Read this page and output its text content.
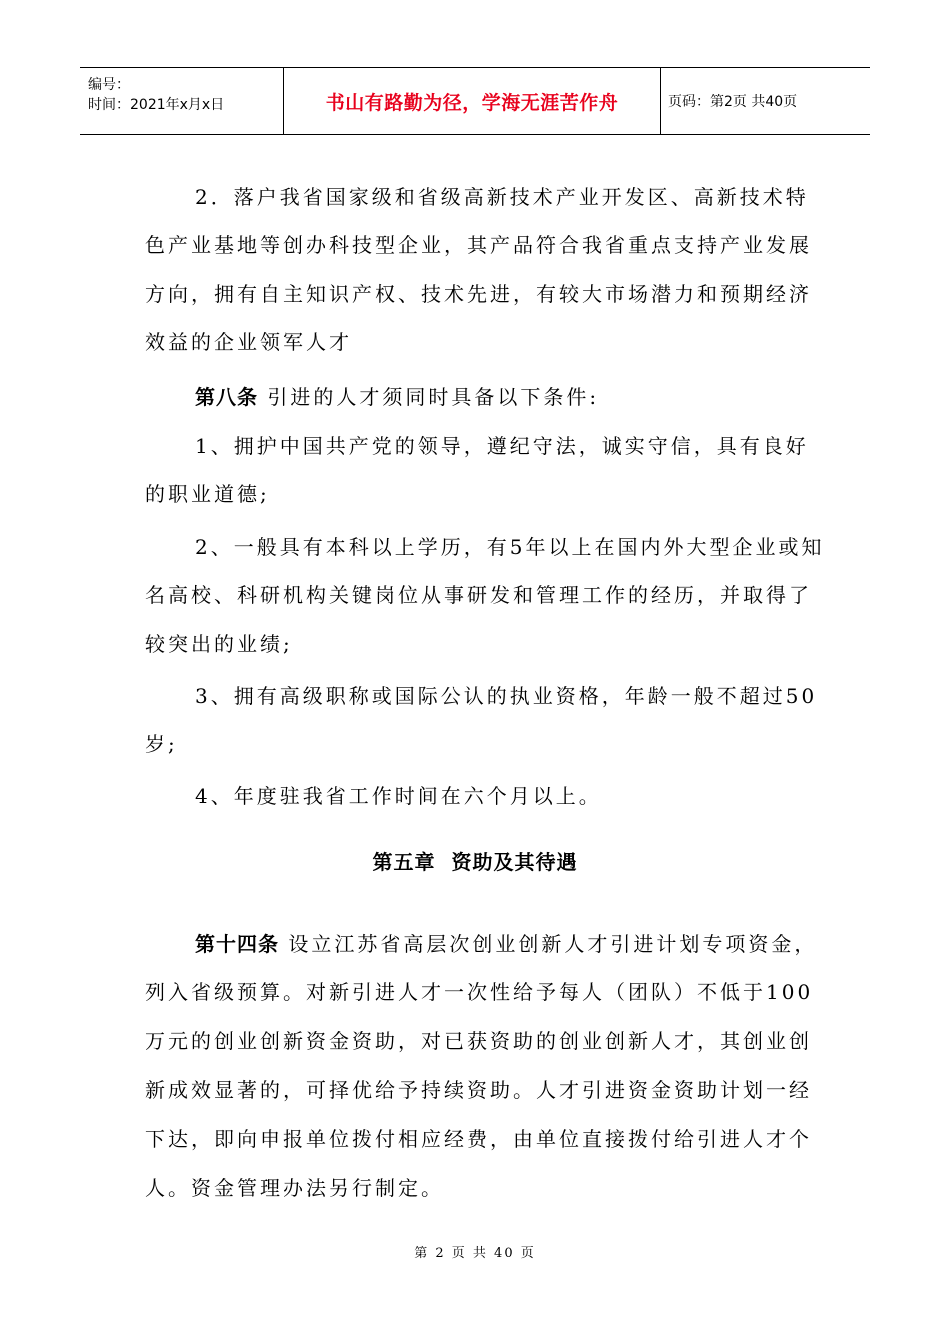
编号：
时间：2021年x月x日	书山有路勤为径，学海无涯苦作舟	页码：第2页 共40页
2．落户我省国家级和省级高新技术产业开发区、高新技术特
色产业基地等创办科技型企业，其产品符合我省重点支持产业发展
方向，拥有自主知识产权、技术先进，有较大市场潜力和预期经济
效益的企业领军人才
第八条 引进的人才须同时具备以下条件:
1、拥护中国共产党的领导，遵纪守法，诚实守信，具有良好
的职业道德;
2、一般具有本科以上学历，有5年以上在国内外大型企业或知
名高校、科研机构关键岗位从事研发和管理工作的经历，并取得了
较突出的业绩;
3、拥有高级职称或国际公认的执业资格，年龄一般不超过50
岁;
4、年度驻我省工作时间在六个月以上。
第五章 资助及其待遇
第十四条 设立江苏省高层次创业创新人才引进计划专项资金，
列入省级预算。对新引进人才一次性给予每人（团队）不低于100
万元的创业创新资金资助，对已获资助的创业创新人才，其创业创
新成效显著的，可择优给予持续资助。人才引进资金资助计划一经
下达，即向申报单位拨付相应经费，由单位直接拨付给引进人才个
人。资金管理办法另行制定。
第 2 页 共 40 页
